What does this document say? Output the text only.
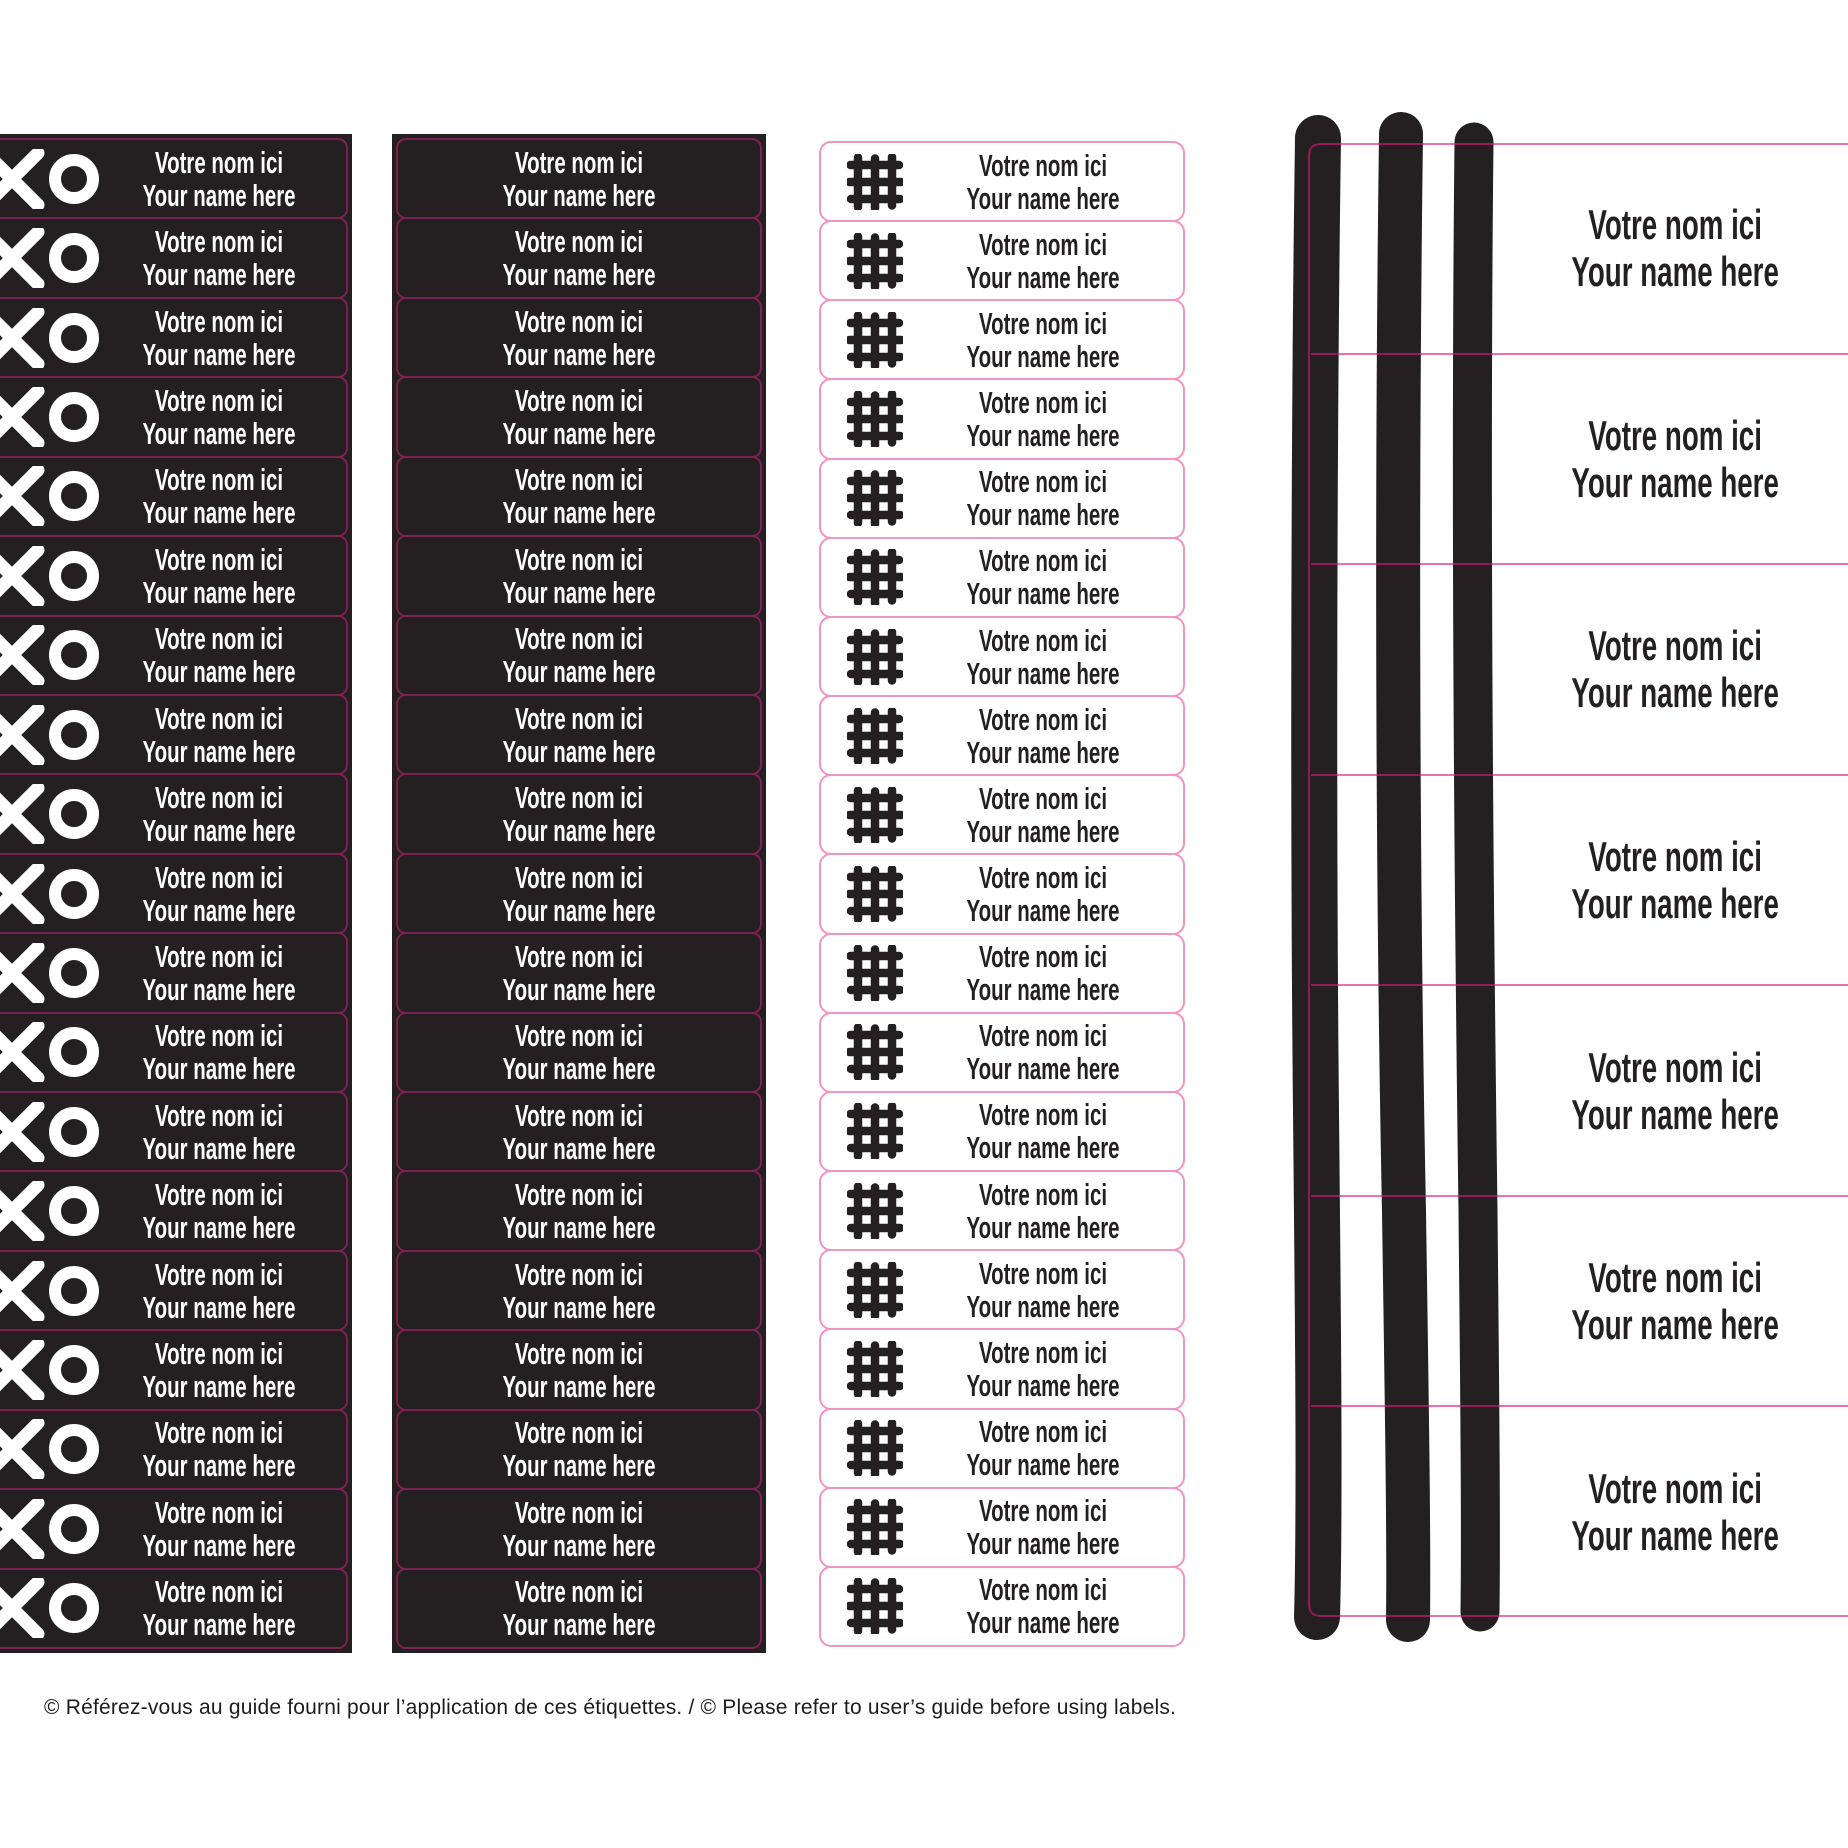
Votre nom ici
Your name here
Votre nom ici
Your name here
Votre nom ici
Your name here
Votre nom ici
Your name here
Votre nom ici
Your name here
Votre nom ici
Your name here
Votre nom ici
Your name here
Votre nom ici
Your name here
Votre nom ici
Your name here
Votre nom ici
Your name here
Votre nom ici
Your name here
Votre nom ici
Your name here
Votre nom ici
Your name here
Votre nom ici
Your name here
Votre nom ici
Your name here
Votre nom ici
Your name here
Votre nom ici
Your name here
Votre nom ici
Your name here
Votre nom ici
Your name here
Votre nom ici
Your name here
Votre nom ici
Your name here
Votre nom ici
Your name here
Votre nom ici
Your name here
Votre nom ici
Your name here
Votre nom ici
Your name here
Votre nom ici
Your name here
Votre nom ici
Your name here
Votre nom ici
Your name here
Votre nom ici
Your name here
Votre nom ici
Your name here
Votre nom ici
Your name here
Votre nom ici
Your name here
Votre nom ici
Your name here
Votre nom ici
Your name here
Votre nom ici
Your name here
Votre nom ici
Your name here
Votre nom ici
Your name here
Votre nom ici
Your name here
Votre nom ici
Your name here
Votre nom ici
Your name here
Votre nom ici
Your name here
Votre nom ici
Your name here
Votre nom ici
Your name here
Votre nom ici
Your name here
Votre nom ici
Your name here
Votre nom ici
Your name here
Votre nom ici
Your name here
Votre nom ici
Your name here
Votre nom ici
Your name here
Votre nom ici
Your name here
Votre nom ici
Your name here
Votre nom ici
Your name here
Votre nom ici
Your name here
Votre nom ici
Your name here
Votre nom ici
Your name here
Votre nom ici
Your name here
Votre nom ici
Your name here
Votre nom ici
Your name here
Votre nom ici
Your name here
Votre nom ici
Your name here
Votre nom ici
Your name here
Votre nom ici
Your name here
Votre nom ici
Your name here
Votre nom ici
Your name here

© Référez-vous au guide fourni pour l’application de ces étiquettes. / © Please refer to user’s guide before using labels.
